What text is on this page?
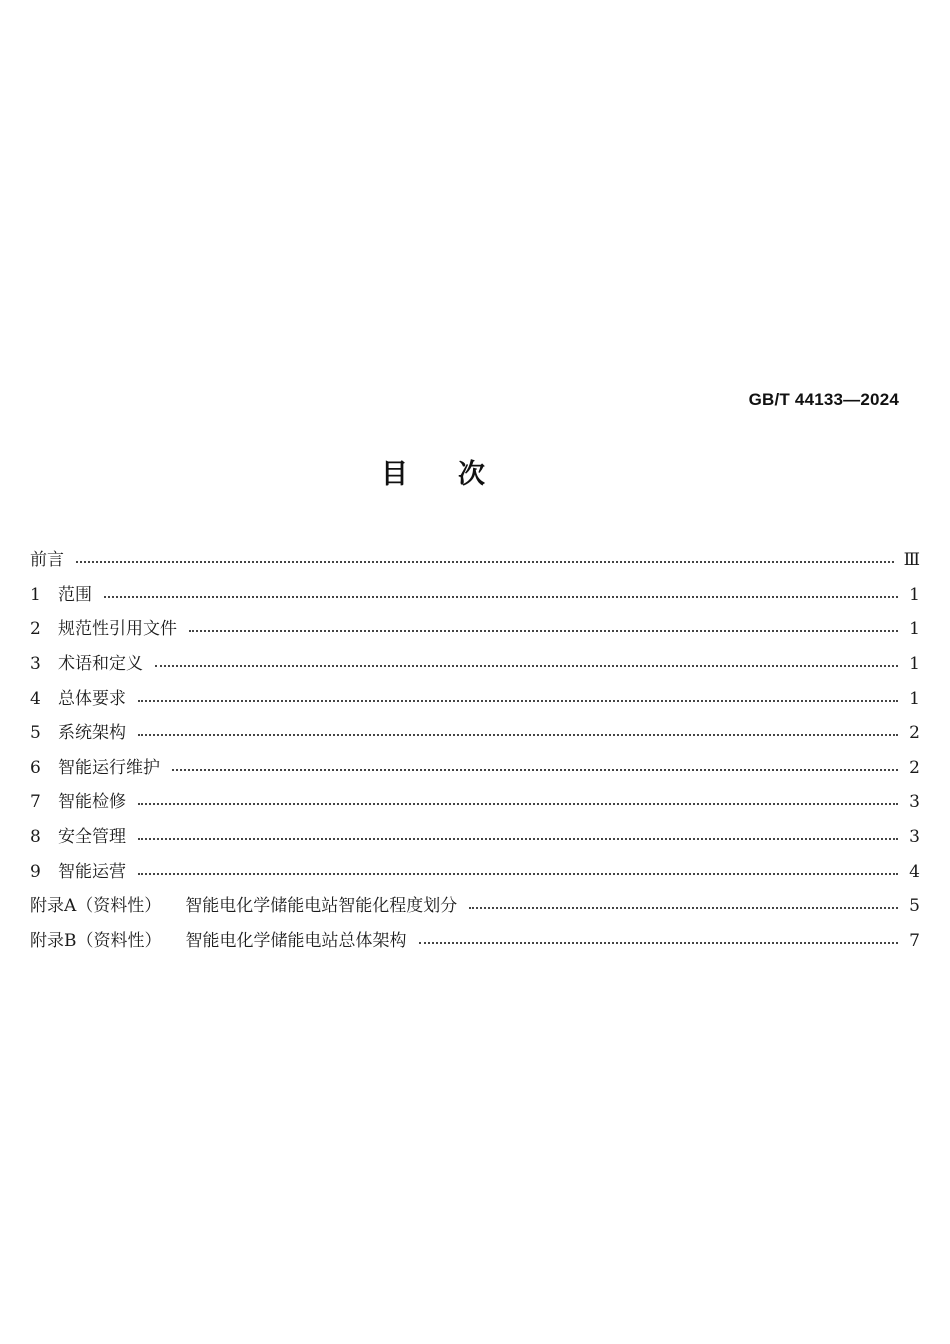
GB/T 44133—2024
目次
前言	Ⅲ
1	范围	1
2	规范性引用文件	1
3	术语和定义	1
4	总体要求	1
5	系统架构	2
6	智能运行维护	2
7	智能检修	3
8	安全管理	3
9	智能运营	4
附录A（资料性） 智能电化学储能电站智能化程度划分	5
附录B（资料性） 智能电化学储能电站总体架构	7
